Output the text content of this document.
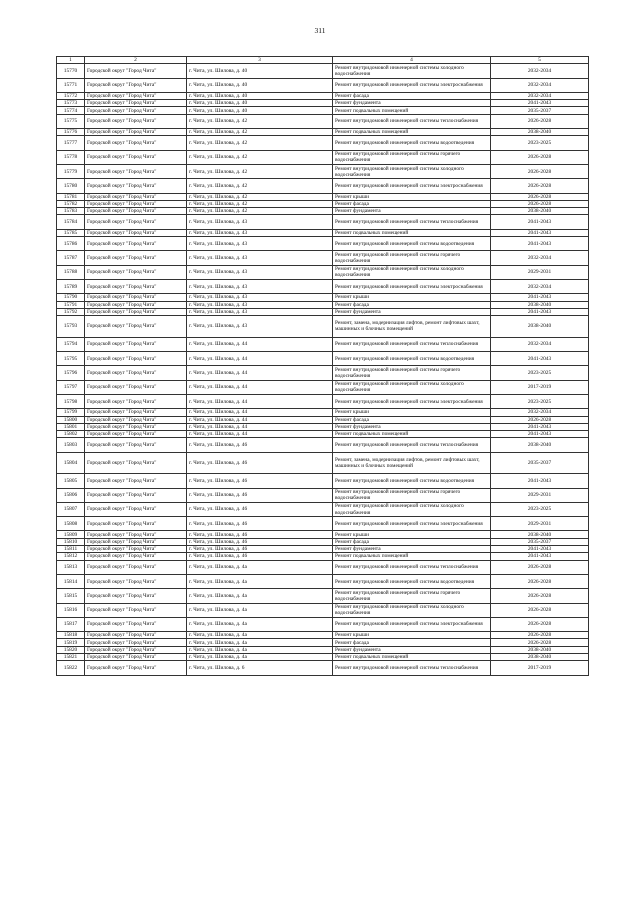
311
1	2	3	4	5
15770	Городской округ "Город Чита"	г. Чита, ул. Шилова, д. 40	Ремонт внутридомовой инженерной системы холодного водоснабжения	2032-2034
15771	Городской округ "Город Чита"	г. Чита, ул. Шилова, д. 40	Ремонт внутридомовой инженерной системы электроснабжения	2032-2034
15772	Городской округ "Город Чита"	г. Чита, ул. Шилова, д. 40	Ремонт фасада	2032-2034
15773	Городской округ "Город Чита"	г. Чита, ул. Шилова, д. 40	Ремонт фундамента	2041-2043
15774	Городской округ "Город Чита"	г. Чита, ул. Шилова, д. 40	Ремонт подвальных помещений	2035-2037
15775	Городской округ "Город Чита"	г. Чита, ул. Шилова, д. 42	Ремонт внутридомовой инженерной системы теплоснабжения	2026-2028
15776	Городской округ "Город Чита"	г. Чита, ул. Шилова, д. 42	Ремонт подвальных помещений	2038-2040
15777	Городской округ "Город Чита"	г. Чита, ул. Шилова, д. 42	Ремонт внутридомовой инженерной системы водоотведения	2023-2025
15778	Городской округ "Город Чита"	г. Чита, ул. Шилова, д. 42	Ремонт внутридомовой инженерной системы горячего водоснабжения	2026-2028
15779	Городской округ "Город Чита"	г. Чита, ул. Шилова, д. 42	Ремонт внутридомовой инженерной системы холодного водоснабжения	2026-2028
15780	Городской округ "Город Чита"	г. Чита, ул. Шилова, д. 42	Ремонт внутридомовой инженерной системы электроснабжения	2026-2028
15781	Городской округ "Город Чита"	г. Чита, ул. Шилова, д. 42	Ремонт крыши	2026-2028
15782	Городской округ "Город Чита"	г. Чита, ул. Шилова, д. 42	Ремонт фасада	2026-2028
15783	Городской округ "Город Чита"	г. Чита, ул. Шилова, д. 42	Ремонт фундамента	2038-2040
15784	Городской округ "Город Чита"	г. Чита, ул. Шилова, д. 43	Ремонт внутридомовой инженерной системы теплоснабжения	2041-2043
15785	Городской округ "Город Чита"	г. Чита, ул. Шилова, д. 43	Ремонт подвальных помещений	2041-2043
15786	Городской округ "Город Чита"	г. Чита, ул. Шилова, д. 43	Ремонт внутридомовой инженерной системы водоотведения	2041-2043
15787	Городской округ "Город Чита"	г. Чита, ул. Шилова, д. 43	Ремонт внутридомовой инженерной системы горячего водоснабжения	2032-2034
15788	Городской округ "Город Чита"	г. Чита, ул. Шилова, д. 43	Ремонт внутридомовой инженерной системы холодного водоснабжения	2029-2031
15789	Городской округ "Город Чита"	г. Чита, ул. Шилова, д. 43	Ремонт внутридомовой инженерной системы электроснабжения	2032-2034
15790	Городской округ "Город Чита"	г. Чита, ул. Шилова, д. 43	Ремонт крыши	2041-2043
15791	Городской округ "Город Чита"	г. Чита, ул. Шилова, д. 43	Ремонт фасада	2038-2040
15792	Городской округ "Город Чита"	г. Чита, ул. Шилова, д. 43	Ремонт фундамента	2041-2043
15793	Городской округ "Город Чита"	г. Чита, ул. Шилова, д. 43	Ремонт, замена, модернизация лифтов, ремонт лифтовых шахт, машинных и блочных помещений	2038-2040
15794	Городской округ "Город Чита"	г. Чита, ул. Шилова, д. 44	Ремонт внутридомовой инженерной системы теплоснабжения	2032-2034
15795	Городской округ "Город Чита"	г. Чита, ул. Шилова, д. 44	Ремонт внутридомовой инженерной системы водоотведения	2041-2043
15796	Городской округ "Город Чита"	г. Чита, ул. Шилова, д. 44	Ремонт внутридомовой инженерной системы горячего водоснабжения	2023-2025
15797	Городской округ "Город Чита"	г. Чита, ул. Шилова, д. 44	Ремонт внутридомовой инженерной системы холодного водоснабжения	2017-2019
15798	Городской округ "Город Чита"	г. Чита, ул. Шилова, д. 44	Ремонт внутридомовой инженерной системы электроснабжения	2023-2025
15799	Городской округ "Город Чита"	г. Чита, ул. Шилова, д. 44	Ремонт крыши	2032-2034
15800	Городской округ "Город Чита"	г. Чита, ул. Шилова, д. 44	Ремонт фасада	2026-2028
15801	Городской округ "Город Чита"	г. Чита, ул. Шилова, д. 44	Ремонт фундамента	2041-2043
15802	Городской округ "Город Чита"	г. Чита, ул. Шилова, д. 44	Ремонт подвальных помещений	2041-2043
15803	Городской округ "Город Чита"	г. Чита, ул. Шилова, д. 46	Ремонт внутридомовой инженерной системы теплоснабжения	2038-2040
15804	Городской округ "Город Чита"	г. Чита, ул. Шилова, д. 46	Ремонт, замена, модернизация лифтов, ремонт лифтовых шахт, машинных и блочных помещений	2035-2037
15805	Городской округ "Город Чита"	г. Чита, ул. Шилова, д. 46	Ремонт внутридомовой инженерной системы водоотведения	2041-2043
15806	Городской округ "Город Чита"	г. Чита, ул. Шилова, д. 46	Ремонт внутридомовой инженерной системы горячего водоснабжения	2029-2031
15807	Городской округ "Город Чита"	г. Чита, ул. Шилова, д. 46	Ремонт внутридомовой инженерной системы холодного водоснабжения	2023-2025
15808	Городской округ "Город Чита"	г. Чита, ул. Шилова, д. 46	Ремонт внутридомовой инженерной системы электроснабжения	2029-2031
15809	Городской округ "Город Чита"	г. Чита, ул. Шилова, д. 46	Ремонт крыши	2038-2040
15810	Городской округ "Город Чита"	г. Чита, ул. Шилова, д. 46	Ремонт фасада	2035-2037
15811	Городской округ "Город Чита"	г. Чита, ул. Шилова, д. 46	Ремонт фундамента	2041-2043
15812	Городской округ "Город Чита"	г. Чита, ул. Шилова, д. 46	Ремонт подвальных помещений	2041-2043
15813	Городской округ "Город Чита"	г. Чита, ул. Шилова, д. 4а	Ремонт внутридомовой инженерной системы теплоснабжения	2026-2028
15814	Городской округ "Город Чита"	г. Чита, ул. Шилова, д. 4а	Ремонт внутридомовой инженерной системы водоотведения	2026-2028
15815	Городской округ "Город Чита"	г. Чита, ул. Шилова, д. 4а	Ремонт внутридомовой инженерной системы горячего водоснабжения	2026-2028
15816	Городской округ "Город Чита"	г. Чита, ул. Шилова, д. 4а	Ремонт внутридомовой инженерной системы холодного водоснабжения	2026-2028
15817	Городской округ "Город Чита"	г. Чита, ул. Шилова, д. 4а	Ремонт внутридомовой инженерной системы электроснабжения	2026-2028
15818	Городской округ "Город Чита"	г. Чита, ул. Шилова, д. 4а	Ремонт крыши	2026-2028
15819	Городской округ "Город Чита"	г. Чита, ул. Шилова, д. 4а	Ремонт фасада	2026-2028
15820	Городской округ "Город Чита"	г. Чита, ул. Шилова, д. 4а	Ремонт фундамента	2038-2040
15821	Городской округ "Город Чита"	г. Чита, ул. Шилова, д. 4а	Ремонт подвальных помещений	2038-2040
15822	Городской округ "Город Чита"	г. Чита, ул. Шилова, д. 6	Ремонт внутридомовой инженерной системы теплоснабжения	2017-2019
